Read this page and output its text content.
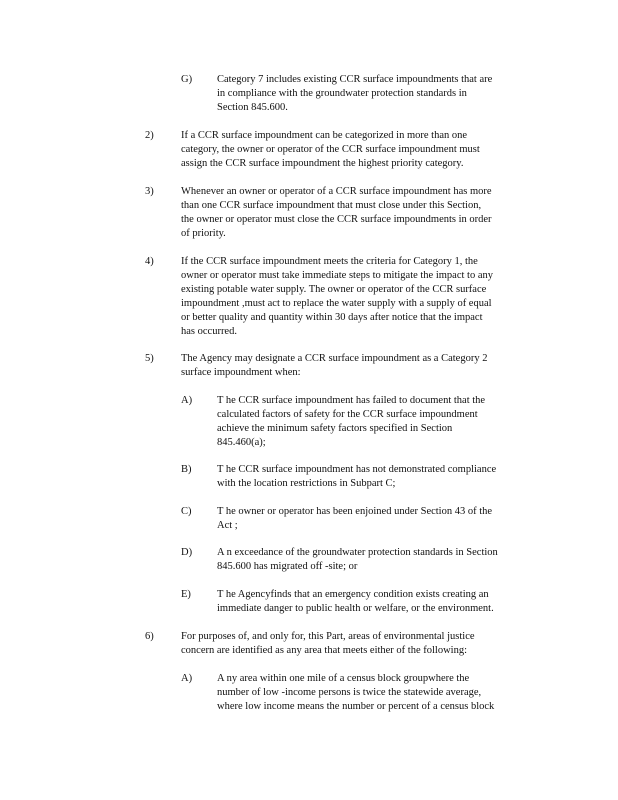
G) Category 7 includes existing CCR surface impoundments that are
in compliance with the groundwater protection standards in
Section 845.600.
2)	If a CCR surface impoundment can be categorized in more than one
category, the owner or operator of the CCR surface impoundment must
assign the CCR surface impoundment the highest priority category.
3)	Whenever an owner or operator of a CCR surface impoundment has more
than one CCR surface impoundment that must close under this Section,
the owner or operator must close the CCR surface impoundments in order
of priority.
4)	If the CCR surface impoundment meets the criteria for Category 1, the
owner or operator must take immediate steps to mitigate the impact to any
existing potable water supply. The owner or operator of the CCR surface
impoundment ,must act to replace the water supply with a supply of equal
or better quality and quantity within 30 days after notice that the impact
has occurred.
5)	The Agency may designate a CCR surface impoundment as a Category 2
surface impoundment when:
A) T he CCR surface impoundment has failed to document that the
calculated factors of safety for the CCR surface impoundment
achieve the minimum safety factors specified in Section
845.460(a);
B) T he CCR surface impoundment has not demonstrated compliance
with the location restrictions in Subpart C;
C) T he owner or operator has been enjoined under Section 43 of the
Act ;
D) A n exceedance of the groundwater protection standards in Section
845.600 has migrated off -site; or
E) T he Agencyfinds that an emergency condition exists creating an
immediate danger to public health or welfare, or the environment.
6)	For purposes of, and only for, this Part, areas of environmental justice
concern are identified as any area that meets either of the following:
A) A ny area within one mile of a census block groupwhere the
number of low -income persons is twice the statewide average,
where low income means the number or percent of a census block
